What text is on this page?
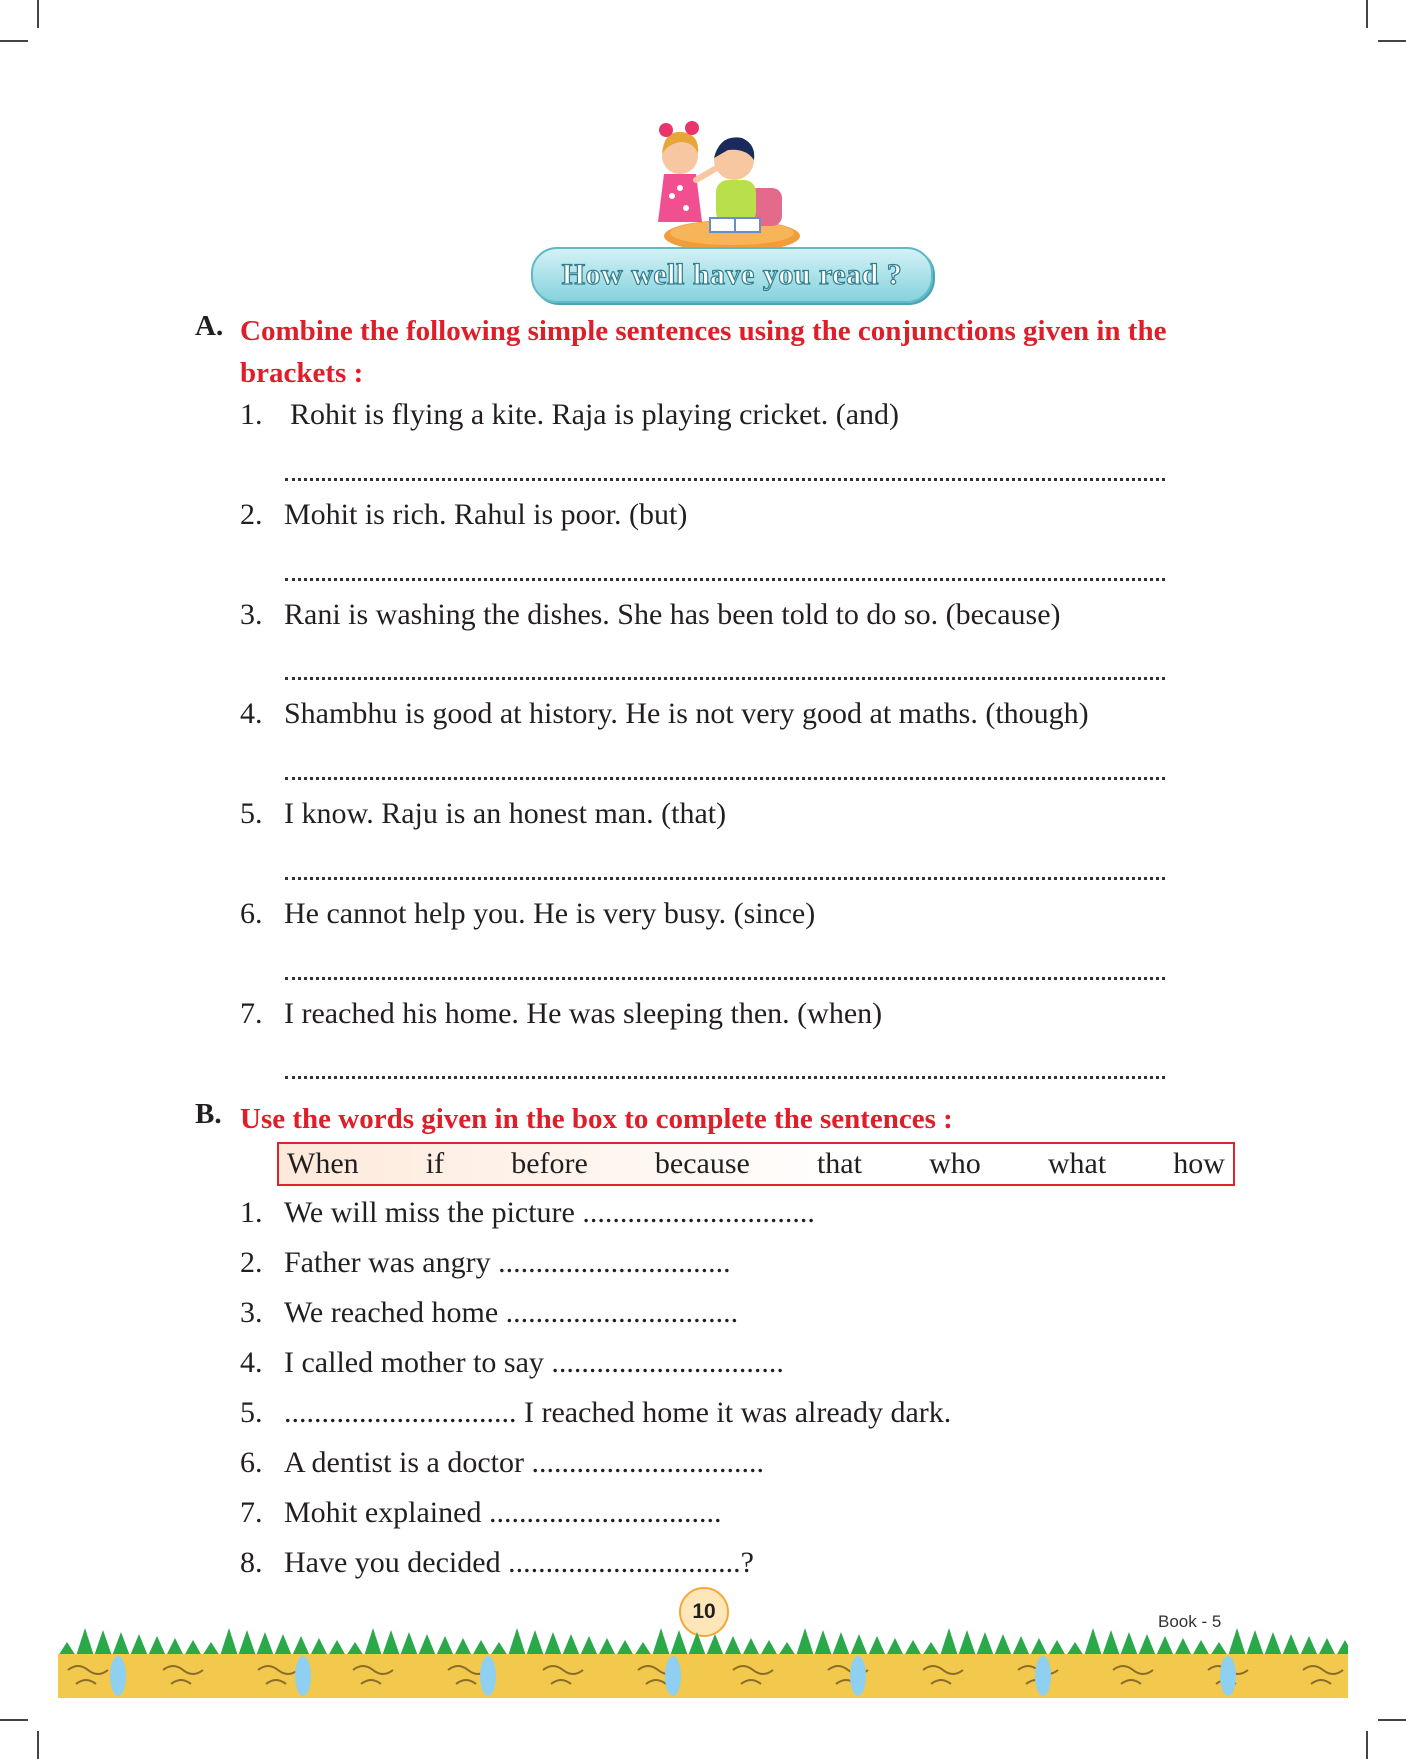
How well have you read ?
A. Combine the following simple sentences using the conjunctions given in the brackets :
1. Rohit is flying a kite. Raja is playing cricket. (and)
2. Mohit is rich. Rahul is poor. (but)
3. Rani is washing the dishes. She has been told to do so. (because)
4. Shambhu is good at history. He is not very good at maths. (though)
5. I know. Raju is an honest man. (that)
6. He cannot help you. He is very busy. (since)
7. I reached his home. He was sleeping then. (when)
B. Use the words given in the box to complete the sentences :
When if before because that who what how
1. We will miss the picture ...............................
2. Father was angry ...............................
3. We reached home ...............................
4. I called mother to say ...............................
5. ............................... I reached home it was already dark.
6. A dentist is a doctor ...............................
7. Mohit explained ...............................
8. Have you decided ...............................?
10	Book - 5
